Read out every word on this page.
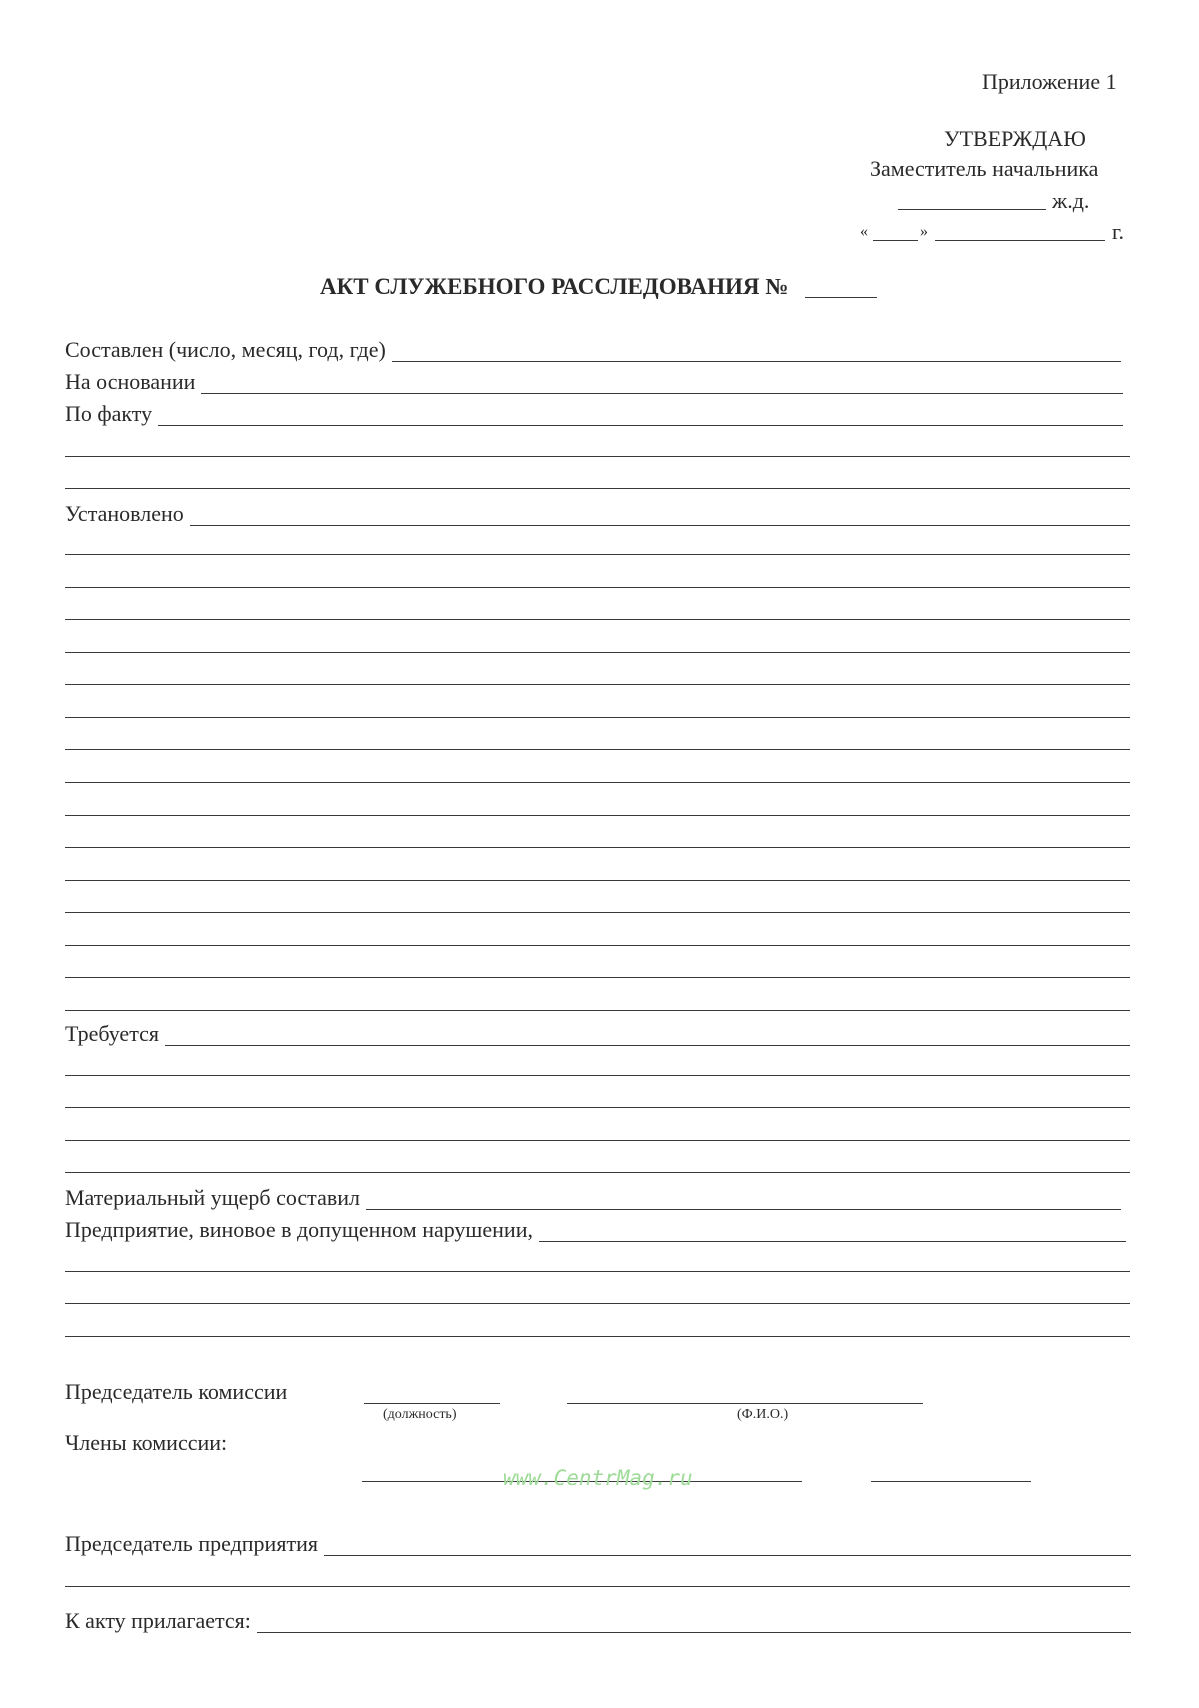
Приложение 1
УТВЕРЖДАЮ
Заместитель начальника
ж.д.
«	»	г.
АКТ СЛУЖЕБНОГО РАССЛЕДОВАНИЯ №
Составлен (число, месяц, год, где)
На основании
По факту
Установлено
Требуется
Материальный ущерб составил
Предприятие, виновое в допущенном нарушении,
Председатель комиссии
(должность)	(Ф.И.О.)
Члены комиссии:
www.CentrMag.ru
Председатель предприятия
К акту прилагается:
